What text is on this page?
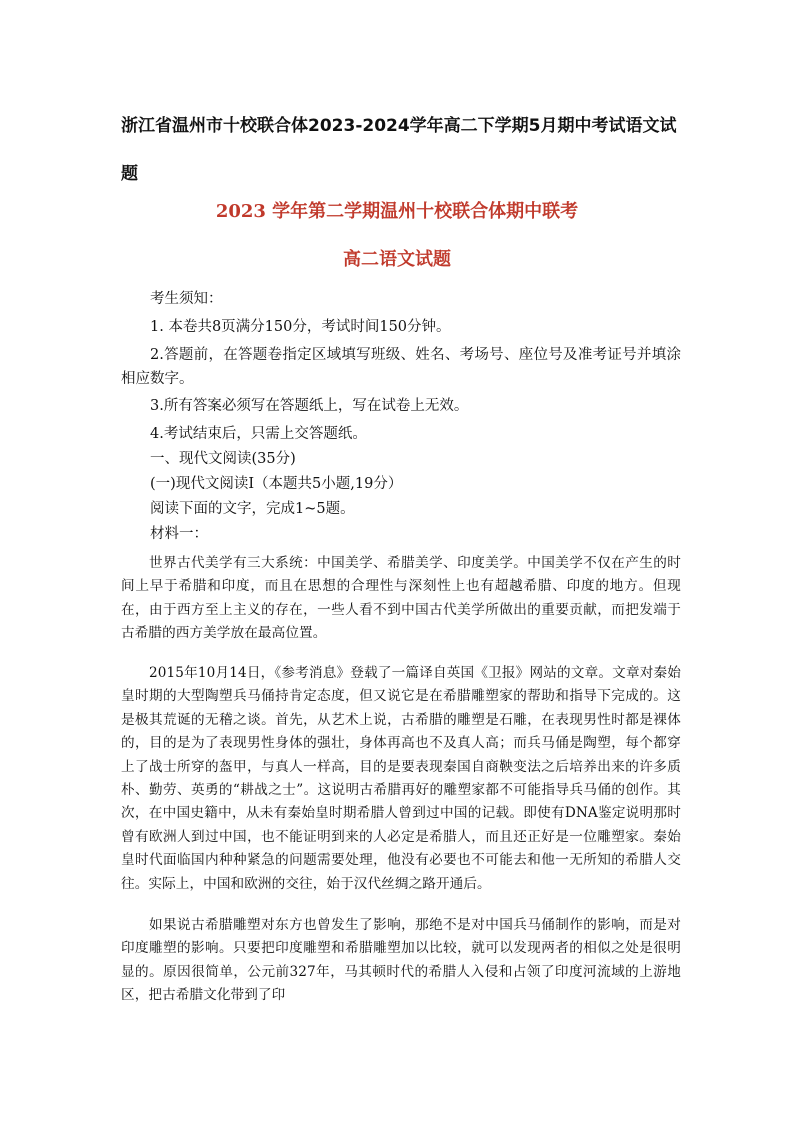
浙江省温州市十校联合体2023-2024学年高二下学期5月期中考试语文试题
2023 学年第二学期温州十校联合体期中联考
高二语文试题

考生须知：

1. 本卷共8页满分150分，考试时间150分钟。

2.答题前，在答题卷指定区域填写班级、姓名、考场号、座位号及准考证号并填涂相应数字。

3.所有答案必须写在答题纸上，写在试卷上无效。

4.考试结束后，只需上交答题纸。

一、现代文阅读(35分)

(一)现代文阅读Ⅰ（本题共5小题,19分）

阅读下面的文字，完成1~5题。

材料一：

世界古代美学有三大系统：中国美学、希腊美学、印度美学。中国美学不仅在产生的时间上早于希腊和印度，而且在思想的合理性与深刻性上也有超越希腊、印度的地方。但现在，由于西方至上主义的存在，一些人看不到中国古代美学所做出的重要贡献，而把发端于古希腊的西方美学放在最高位置。

2015年10月14日，《参考消息》登载了一篇译自英国《卫报》网站的文章。文章对秦始皇时期的大型陶塑兵马俑持肯定态度，但又说它是在希腊雕塑家的帮助和指导下完成的。这是极其荒诞的无稽之谈。首先，从艺术上说，古希腊的雕塑是石雕，在表现男性时都是裸体的，目的是为了表现男性身体的强壮，身体再高也不及真人高；而兵马俑是陶塑，每个都穿上了战士所穿的盔甲，与真人一样高，目的是要表现秦国自商鞅变法之后培养出来的许多质朴、勤劳、英勇的“耕战之士”。这说明古希腊再好的雕塑家都不可能指导兵马俑的创作。其次，在中国史籍中，从未有秦始皇时期希腊人曾到过中国的记载。即使有DNA鉴定说明那时曾有欧洲人到过中国，也不能证明到来的人必定是希腊人，而且还正好是一位雕塑家。秦始皇时代面临国内种种紧急的问题需要处理，他没有必要也不可能去和他一无所知的希腊人交往。实际上，中国和欧洲的交往，始于汉代丝绸之路开通后。

如果说古希腊雕塑对东方也曾发生了影响，那绝不是对中国兵马俑制作的影响，而是对印度雕塑的影响。只要把印度雕塑和希腊雕塑加以比较，就可以发现两者的相似之处是很明显的。原因很简单，公元前327年，马其顿时代的希腊人入侵和占领了印度河流域的上游地区，把古希腊文化带到了印
